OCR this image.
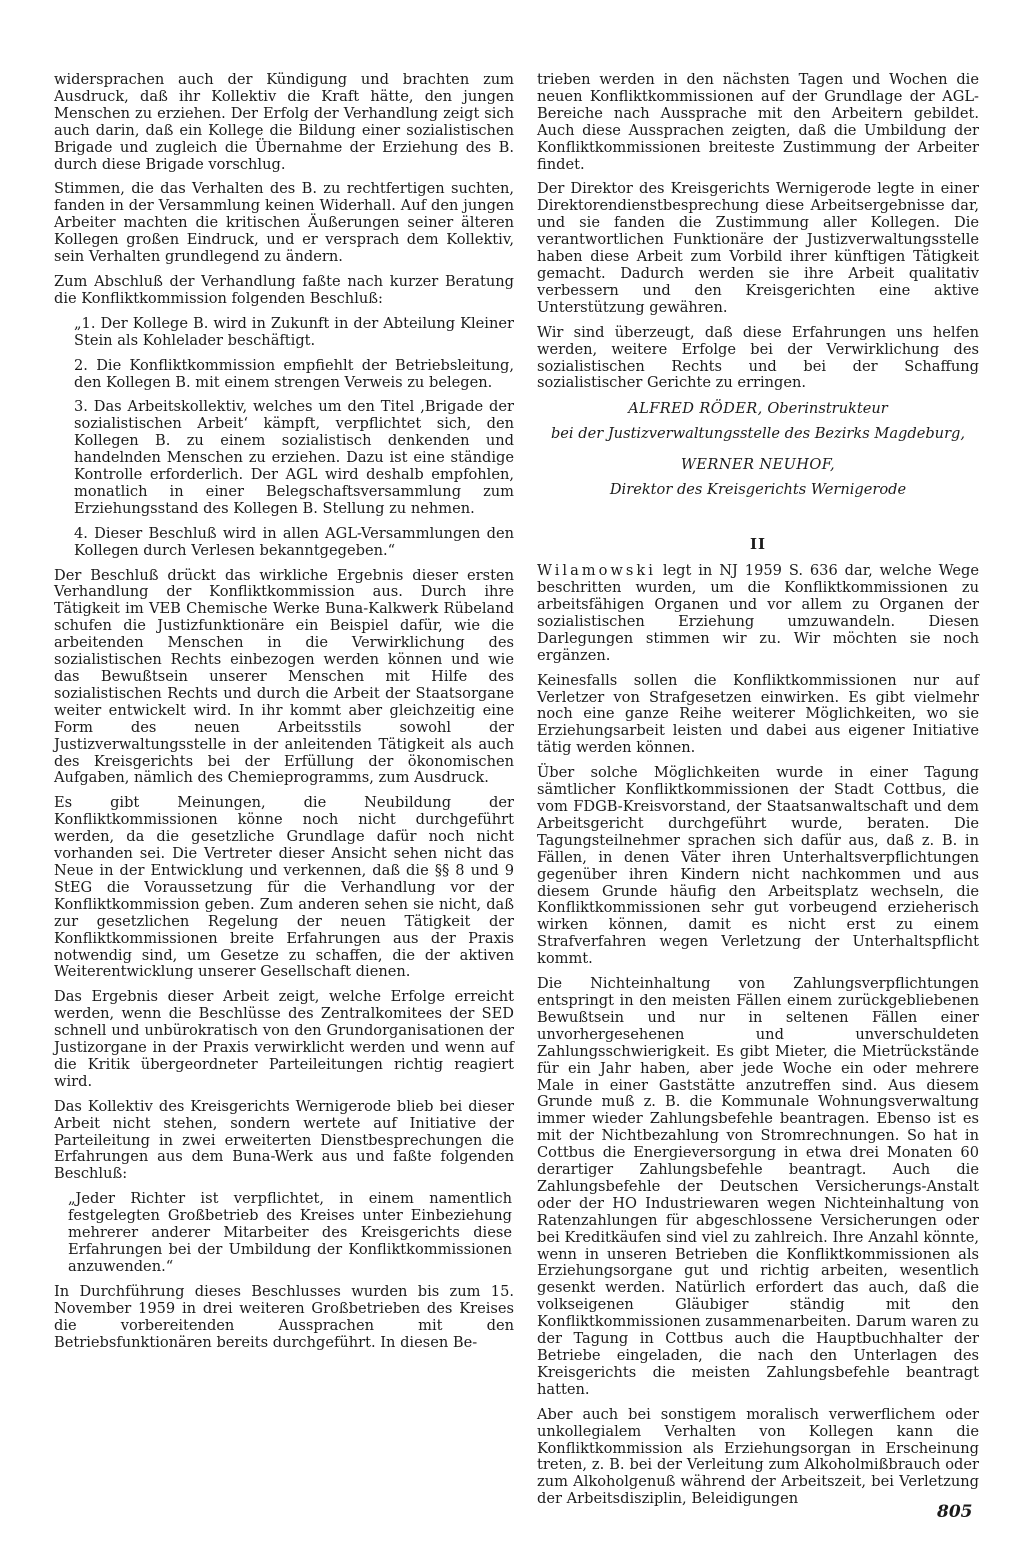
widersprachen auch der Kündigung und brachten zum Ausdruck, daß ihr Kollektiv die Kraft hätte, den jungen Menschen zu erziehen. Der Erfolg der Verhandlung zeigt sich auch darin, daß ein Kollege die Bildung einer sozialistischen Brigade und zugleich die Übernahme der Erziehung des B. durch diese Brigade vorschlug.

Stimmen, die das Verhalten des B. zu rechtfertigen suchten, fanden in der Versammlung keinen Widerhall. Auf den jungen Arbeiter machten die kritischen Äußerungen seiner älteren Kollegen großen Eindruck, und er versprach dem Kollektiv, sein Verhalten grundlegend zu ändern.

Zum Abschluß der Verhandlung faßte nach kurzer Beratung die Konfliktkommission folgenden Beschluß:

„1. Der Kollege B. wird in Zukunft in der Abteilung Kleiner Stein als Kohlelader beschäftigt.

2. Die Konfliktkommission empfiehlt der Betriebsleitung, den Kollegen B. mit einem strengen Verweis zu belegen.

3. Das Arbeitskollektiv, welches um den Titel ‚Brigade der sozialistischen Arbeit‘ kämpft, verpflichtet sich, den Kollegen B. zu einem sozialistisch denkenden und handelnden Menschen zu erziehen. Dazu ist eine ständige Kontrolle erforderlich. Der AGL wird deshalb empfohlen, monatlich in einer Belegschaftsversammlung zum Erziehungsstand des Kollegen B. Stellung zu nehmen.

4. Dieser Beschluß wird in allen AGL-Versammlungen den Kollegen durch Verlesen bekanntgegeben.“

Der Beschluß drückt das wirkliche Ergebnis dieser ersten Verhandlung der Konfliktkommission aus. Durch ihre Tätigkeit im VEB Chemische Werke Buna-Kalkwerk Rübeland schufen die Justizfunktionäre ein Beispiel dafür, wie die arbeitenden Menschen in die Verwirklichung des sozialistischen Rechts einbezogen werden können und wie das Bewußtsein unserer Menschen mit Hilfe des sozialistischen Rechts und durch die Arbeit der Staatsorgane weiter entwickelt wird. In ihr kommt aber gleichzeitig eine Form des neuen Arbeitsstils sowohl der Justizverwaltungsstelle in der anleitenden Tätigkeit als auch des Kreisgerichts bei der Erfüllung der ökonomischen Aufgaben, nämlich des Chemieprogramms, zum Ausdruck.

Es gibt Meinungen, die Neubildung der Konfliktkommissionen könne noch nicht durchgeführt werden, da die gesetzliche Grundlage dafür noch nicht vorhanden sei. Die Vertreter dieser Ansicht sehen nicht das Neue in der Entwicklung und verkennen, daß die §§ 8 und 9 StEG die Voraussetzung für die Verhandlung vor der Konfliktkommission geben. Zum anderen sehen sie nicht, daß zur gesetzlichen Regelung der neuen Tätigkeit der Konfliktkommissionen breite Erfahrungen aus der Praxis notwendig sind, um Gesetze zu schaffen, die der aktiven Weiterentwicklung unserer Gesellschaft dienen.

Das Ergebnis dieser Arbeit zeigt, welche Erfolge erreicht werden, wenn die Beschlüsse des Zentralkomitees der SED schnell und unbürokratisch von den Grundorganisationen der Justizorgane in der Praxis verwirklicht werden und wenn auf die Kritik übergeordneter Parteileitungen richtig reagiert wird.

Das Kollektiv des Kreisgerichts Wernigerode blieb bei dieser Arbeit nicht stehen, sondern wertete auf Initiative der Parteileitung in zwei erweiterten Dienstbesprechungen die Erfahrungen aus dem Buna-Werk aus und faßte folgenden Beschluß:

„Jeder Richter ist verpflichtet, in einem namentlich festgelegten Großbetrieb des Kreises unter Einbeziehung mehrerer anderer Mitarbeiter des Kreisgerichts diese Erfahrungen bei der Umbildung der Konfliktkommissionen anzuwenden.“

In Durchführung dieses Beschlusses wurden bis zum 15. November 1959 in drei weiteren Großbetrieben des Kreises die vorbereitenden Aussprachen mit den Betriebsfunktionären bereits durchgeführt. In diesen Be-

trieben werden in den nächsten Tagen und Wochen die neuen Konfliktkommissionen auf der Grundlage der AGL-Bereiche nach Aussprache mit den Arbeitern gebildet. Auch diese Aussprachen zeigten, daß die Umbildung der Konfliktkommissionen breiteste Zustimmung der Arbeiter findet.

Der Direktor des Kreisgerichts Wernigerode legte in einer Direktorendienstbesprechung diese Arbeitsergebnisse dar, und sie fanden die Zustimmung aller Kollegen. Die verantwortlichen Funktionäre der Justizverwaltungsstelle haben diese Arbeit zum Vorbild ihrer künftigen Tätigkeit gemacht. Dadurch werden sie ihre Arbeit qualitativ verbessern und den Kreisgerichten eine aktive Unterstützung gewähren.

Wir sind überzeugt, daß diese Erfahrungen uns helfen werden, weitere Erfolge bei der Verwirklichung des sozialistischen Rechts und bei der Schaffung sozialistischer Gerichte zu erringen.

ALFRED RÖDER, Oberinstrukteur

bei der Justizverwaltungsstelle des Bezirks Magdeburg,

WERNER NEUHOF,

Direktor des Kreisgerichts Wernigerode

II

Wilamowski legt in NJ 1959 S. 636 dar, welche Wege beschritten wurden, um die Konfliktkommissionen zu arbeitsfähigen Organen und vor allem zu Organen der sozialistischen Erziehung umzuwandeln. Diesen Darlegungen stimmen wir zu. Wir möchten sie noch ergänzen.

Keinesfalls sollen die Konfliktkommissionen nur auf Verletzer von Strafgesetzen einwirken. Es gibt vielmehr noch eine ganze Reihe weiterer Möglichkeiten, wo sie Erziehungsarbeit leisten und dabei aus eigener Initiative tätig werden können.

Über solche Möglichkeiten wurde in einer Tagung sämtlicher Konfliktkommissionen der Stadt Cottbus, die vom FDGB-Kreisvorstand, der Staatsanwaltschaft und dem Arbeitsgericht durchgeführt wurde, beraten. Die Tagungsteilnehmer sprachen sich dafür aus, daß z. B. in Fällen, in denen Väter ihren Unterhaltsverpflichtungen gegenüber ihren Kindern nicht nachkommen und aus diesem Grunde häufig den Arbeitsplatz wechseln, die Konfliktkommissionen sehr gut vorbeugend erzieherisch wirken können, damit es nicht erst zu einem Strafverfahren wegen Verletzung der Unterhaltspflicht kommt.

Die Nichteinhaltung von Zahlungsverpflichtungen entspringt in den meisten Fällen einem zurückgebliebenen Bewußtsein und nur in seltenen Fällen einer unvorhergesehenen und unverschuldeten Zahlungsschwierigkeit. Es gibt Mieter, die Mietrückstände für ein Jahr haben, aber jede Woche ein oder mehrere Male in einer Gaststätte anzutreffen sind. Aus diesem Grunde muß z. B. die Kommunale Wohnungsverwaltung immer wieder Zahlungsbefehle beantragen. Ebenso ist es mit der Nichtbezahlung von Stromrechnungen. So hat in Cottbus die Energieversorgung in etwa drei Monaten 60 derartiger Zahlungsbefehle beantragt. Auch die Zahlungsbefehle der Deutschen Versicherungs-Anstalt oder der HO Industriewaren wegen Nichteinhaltung von Ratenzahlungen für abgeschlossene Versicherungen oder bei Kreditkäufen sind viel zu zahlreich. Ihre Anzahl könnte, wenn in unseren Betrieben die Konfliktkommissionen als Erziehungsorgane gut und richtig arbeiten, wesentlich gesenkt werden. Natürlich erfordert das auch, daß die volkseigenen Gläubiger ständig mit den Konfliktkommissionen zusammenarbeiten. Darum waren zu der Tagung in Cottbus auch die Hauptbuchhalter der Betriebe eingeladen, die nach den Unterlagen des Kreisgerichts die meisten Zahlungsbefehle beantragt hatten.

Aber auch bei sonstigem moralisch verwerflichem oder unkollegialem Verhalten von Kollegen kann die Konfliktkommission als Erziehungsorgan in Erscheinung treten, z. B. bei der Verleitung zum Alkoholmißbrauch oder zum Alkoholgenuß während der Arbeitszeit, bei Verletzung der Arbeitsdisziplin, Beleidigungen

805
